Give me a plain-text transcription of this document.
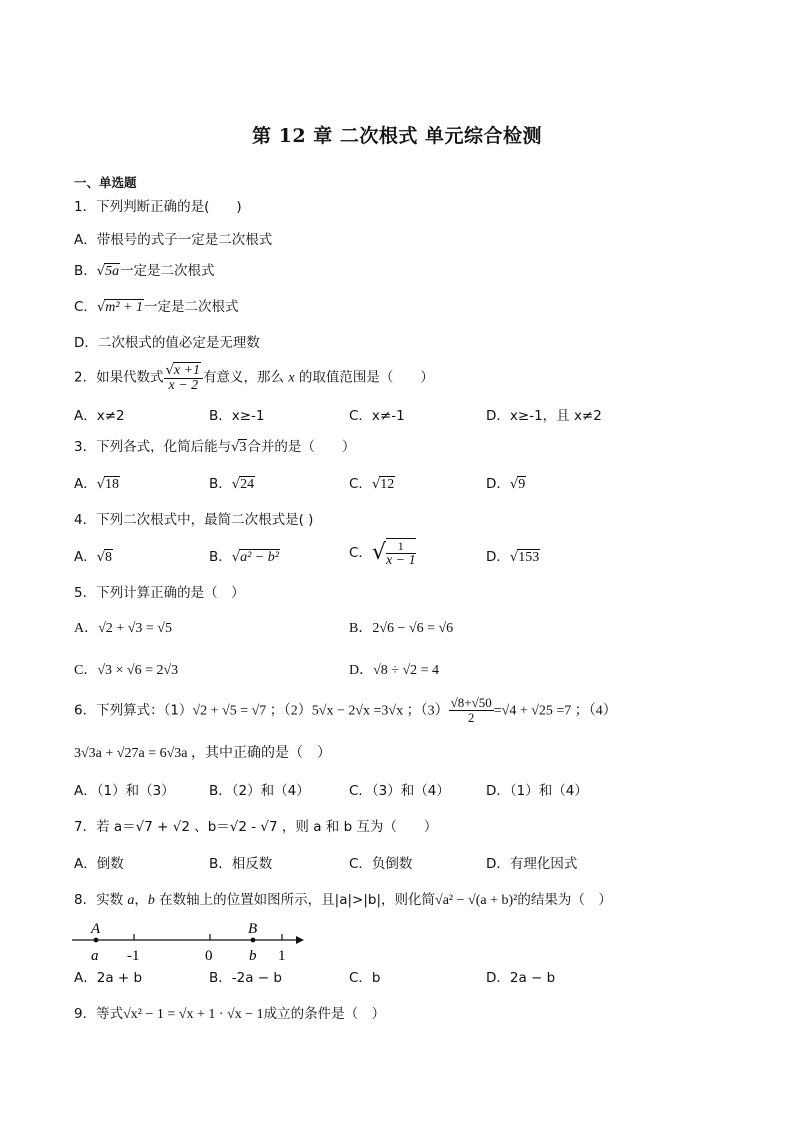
第 12 章 二次根式 单元综合检测
一、单选题
1．下列判断正确的是(　　)
A．带根号的式子一定是二次根式
B．√5a一定是二次根式
C．√m² + 1一定是二次根式
D．二次根式的值必定是无理数
2．如果代数式 $\frac{√x +1}{x - 2}$ 有意义，那么 x 的取值范围是（　　）
A．x≠2	B．x≥-1	C．x≠-1	D．x≥-1，且 x≠2
3．下列各式，化简后能与√3合并的是（　　）
A．√18	B．√24	C．√12	D．√9
4．下列二次根式中，最简二次根式是( )
A．√8	B．√a² − b²	C．√ $\frac{1}{x - 1}$	D．√153
5．下列计算正确的是（　）
A．√2 + √3 = √5	B．2√6 − √6 = √6
C．√3 × √6 = 2√3	D．√8 ÷ √2 = 4
6．下列算式：（1）√2 + √5 = √7 ；（2）5√x − 2√x =3√x ；$(3) \frac{√8+√50}{2} =√4 + √25 =7$ ；（4）
3√3a + √27a = 6√3a ，其中正确的是（　）
A．（1）和（3）	B．（2）和（4）	C．（3）和（4）	D．（1）和（4）
7．若 a＝√7 + √2 、b＝√2 - √7 ，则 a 和 b 互为（　　）
A．倒数	B．相反数	C．负倒数	D．有理化因式
8．实数 a，b 在数轴上的位置如图所示，且|a|>|b|，则化简√a² − √(a + b)²的结果为（　）
A	B
a -1	0 b 1
A．2a + b	B．-2a − b	C．b	D．2a − b
9．等式√x² − 1 = √x + 1 · √x − 1成立的条件是（　）
